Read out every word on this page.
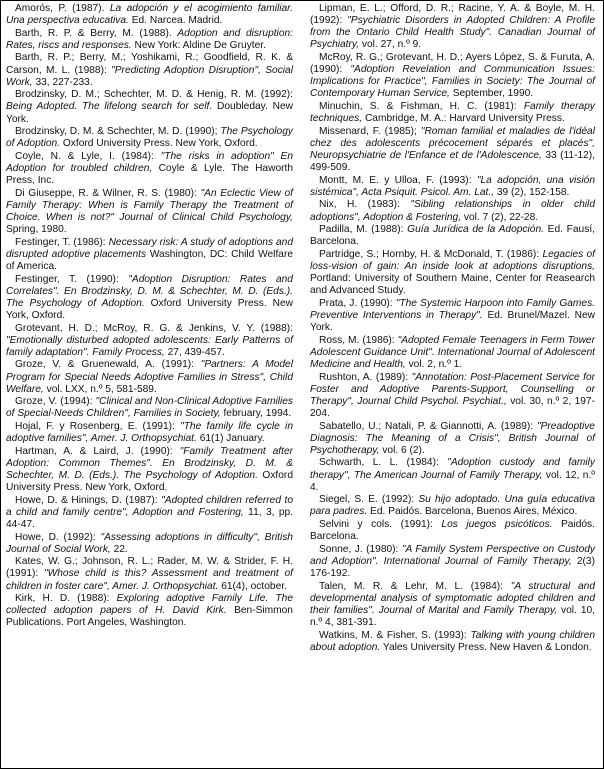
Amorós, P. (1987). La adopción y el acogimiento familiar. Una perspectiva educativa. Ed. Narcea. Madrid.

Barth, R. P. & Berry, M. (1988). Adoption and disruption: Rates, riscs and responses. New York: Aldine De Gruyter.

Barth, R. P.; Berry, M.; Yoshikami, R.; Goodfield, R. K. & Carson, M. L. (1988): "Predicting Adoption Disruption", Social Work, 33, 227-233.

Brodzinsky, D. M.; Schechter, M. D. & Henig, R. M. (1992): Being Adopted. The lifelong search for self. Doubleday. New York.

Brodzinsky, D. M. & Schechter, M. D. (1990); The Psychology of Adoption. Oxford University Press. New York, Oxford.

Coyle, N. & Lyle, I. (1984): "The risks in adoption" En Adoption for troubled children, Coyle & Lyle. The Haworth Press, Inc.

Di Giuseppe, R. & Wilner, R. S. (1980): "An Eclectic View of Family Therapy: When is Family Therapy the Treatment of Choice. When is not?" Journal of Clinical Child Psychology, Spring, 1980.

Festinger, T. (1986): Necessary risk: A study of adoptions and disrupted adoptive placements Washington, DC: Child Welfare of America.

Festinger, T. (1990): "Adoption Disruption: Rates and Correlates". En Brodzinsky, D. M. & Schechter, M. D. (Eds.). The Psychology of Adoption. Oxford University Press. New York, Oxford.

Grotevant, H. D.; McRoy, R. G. & Jenkins, V. Y. (1988): "Emotionally disturbed adopted adolescents: Early Patterns of family adaptation". Family Process, 27, 439-457.

Groze, V. & Gruenewald, A. (1991): "Partners: A Model Program for Special Needs Adoptive Families in Stress", Child Welfare, vol. LXX, n.º 5, 581-589.

Groze, V. (1994): "Clinical and Non-Clinical Adoptive Families of Special-Needs Children", Families in Society, february, 1994.

Hojal, F. y Rosenberg, E. (1991): "The family life cycle in adoptive families", Amer. J. Orthopsychiat. 61(1) January.

Hartman, A. & Laird, J. (1990): "Family Treatment after Adoption: Common Themes". En Brodzinsky, D. M. & Schechter, M. D. (Eds.). The Psychology of Adoption. Oxford University Press. New York, Oxford.

Howe, D. & Hinings, D. (1987): "Adopted children referred to a child and family centre", Adoption and Fostering, 11, 3, pp. 44-47.

Howe, D. (1992): "Assessing adoptions in difficulty", British Journal of Social Work, 22.

Kates, W. G.; Johnson, R. L.; Rader, M. W. & Strider, F. H. (1991): "Whose child is this? Assessment and treatment of children in foster care", Amer. J. Orthopsychiat. 61(4), october.

Kirk, H. D. (1988): Exploring adoptive Family Life. The collected adoption papers of H. David Kirk. Ben-Simmon Publications. Port Angeles, Washington.

Lipman, E. L.; Offord, D. R.; Racine, Y. A. & Boyle, M. H. (1992): "Psychiatric Disorders in Adopted Children: A Profile from the Ontario Child Health Study". Canadian Journal of Psychiatry, vol. 27, n.º 9.

McRoy, R. G.; Grotevant, H. D.; Ayers López, S. & Furuta, A. (1990): "Adoption Revelation and Communication Issues: Implications for Practice", Families in Society: The Journal of Contemporary Human Service, September, 1990.

Minuchin, S. & Fishman, H. C. (1981): Family therapy techniques, Cambridge, M. A.: Harvard University Press.

Missenard, F. (1985); "Roman familial et maladies de l'idéal chez des adolescents précocement séparés et placés", Neuropsychiatrie de l'Enfance et de l'Adolescence, 33 (11-12), 499-509.

Montt, M. E. y Ulloa, F. (1993): "La adopción, una visión sistémica", Acta Psiquit. Psicol. Am. Lat., 39 (2), 152-158.

Nix, H. (1983): "Sibling relationships in older child adoptions", Adoption & Fostering, vol. 7 (2), 22-28.

Padilla, M. (1988): Guía Jurídica de la Adopción. Ed. Fausí, Barcelona.

Partridge, S.; Hornby, H. & McDonald, T. (1986): Legacies of loss-vision of gain: An inside look at adoptions disruptions, Portland: University of Southern Maine, Center for Reasearch and Advanced Study.

Prata, J. (1990): "The Systemic Harpoon into Family Games. Preventive Interventions in Therapy". Ed. Brunel/Mazel. New York.

Ross, M. (1986): "Adopted Female Teenagers in Ferm Tower Adolescent Guidance Unit". International Journal of Adolescent Medicine and Health, vol. 2, n.º 1.

Rushton, A. (1989): "Annotation: Post-Placement Service for Foster and Adoptive Parents-Support, Counselling or Therapy", Journal Child Psychol. Psychiat., vol. 30, n.º 2, 197-204.

Sabatello, U.; Natali, P. & Giannotti, A. (1989): "Preadoptive Diagnosis: The Meaning of a Crisis", British Journal of Psychotherapy, vol. 6 (2).

Schwarth, L. L. (1984): "Adoption custody and family therapy", The American Journal of Family Therapy, vol. 12, n.º 4.

Siegel, S. E. (1992): Su hijo adoptado. Una guía educativa para padres. Ed. Paidós. Barcelona, Buenos Aires, México.

Selvini y cols. (1991): Los juegos psicóticos. Paidós. Barcelona.

Sonne, J. (1980): "A Family System Perspective on Custody and Adoption". International Journal of Family Therapy, 2(3) 176-192.

Talen, M. R. & Lehr, M. L. (1984): "A structural and developmental analysis of symptomatic adopted children and their families". Journal of Marital and Family Therapy, vol. 10, n.º 4, 381-391.

Watkins, M. & Fisher, S. (1993): Talking with young children about adoption. Yales University Press. New Haven & London.
